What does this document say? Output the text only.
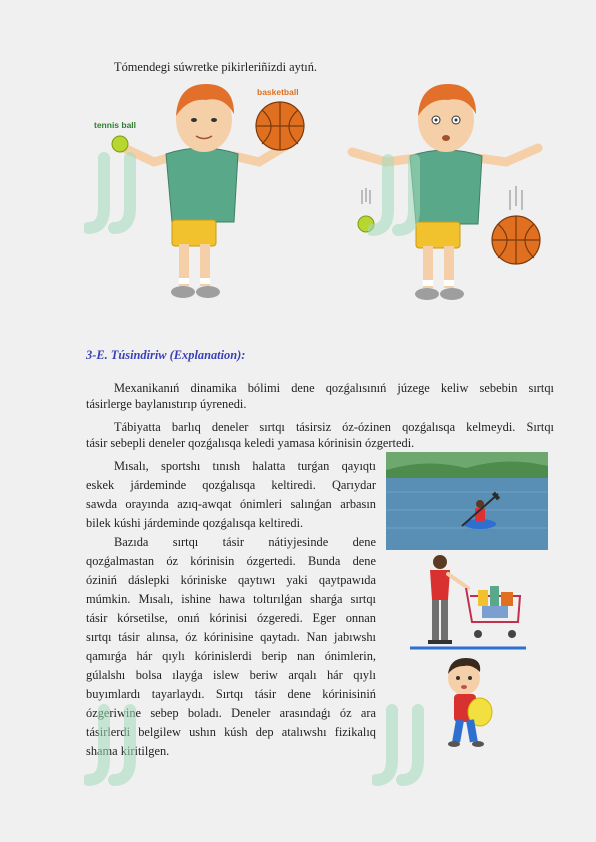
Tómendegi súwretke pikirleriñizdi aytıń.
tennis ball
basketball
3-E. Túsindiriw (Explanation):
Mexanikanıń dinamika bólimi dene qozǵalısınıń júzege keliw sebebin sırtqı
tásirlerge baylanıstırıp úyrenedi.
Tábiyatta barlıq deneler sırtqı tásirsiz óz-ózinen qozǵalısqa kelmeydi. Sırtqı
tásir sebepli deneler qozǵalısqa keledi yamasa kórinisin ózgertedi.
Mısalı, sportshı tınısh halatta turǵan qayıqtı
eskek járdeminde qozǵalısqa keltiredi. Qarıydar
sawda orayında azıq-awqat ónimleri salınǵan arbasın
bilek kúshi járdeminde qozǵalısqa keltiredi.
Bazıda sırtqı tásir nátiyjesinde dene
qozǵalmastan óz kórinisin ózgertedi. Bunda dene
óziniń dáslepki kóriniske qaytıwı yaki qaytpawıda
múmkin. Mısalı, ishine hawa toltırılǵan sharǵa sırtqı
tásir kórsetilse, onıń kórinisi ózgeredi. Eger onnan
sırtqı tásir alınsa, óz kórinisine qaytadı. Nan jabıwshı
qamırǵa hár qıylı kórinislerdi berip nan ónimlerin,
gúlalshı bolsa ılayǵa islew beriw arqalı hár qıylı
buyımlardı tayarlaydı. Sırtqı tásir dene kórinisiniń
ózgeriwine sebep boladı. Deneler arasındaǵı óz ara
tásirlerdi belgilew ushın kúsh dep atalıwshı fizikalıq
shama kiritilgen.
